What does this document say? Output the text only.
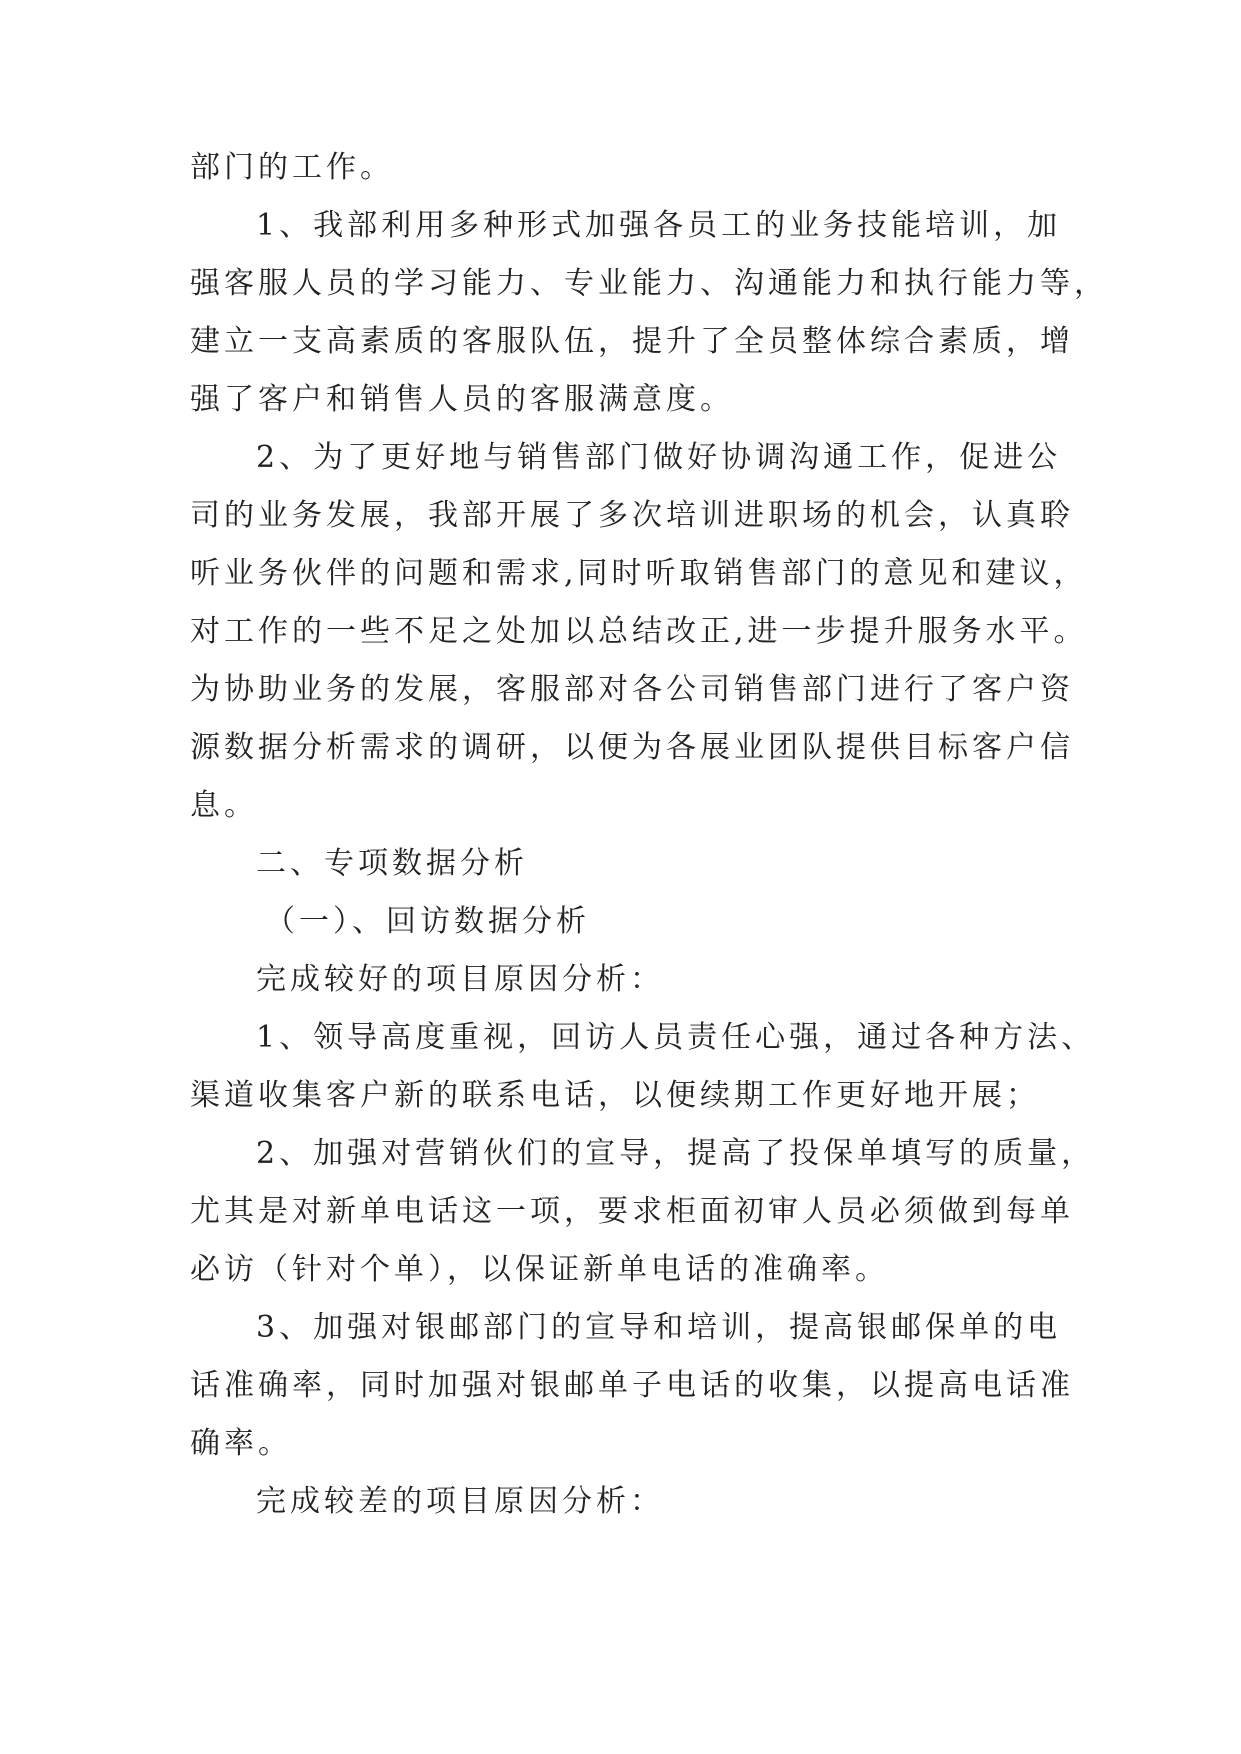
部门的工作。
1、我部利用多种形式加强各员工的业务技能培训，加
强客服人员的学习能力、专业能力、沟通能力和执行能力等，
建立一支高素质的客服队伍，提升了全员整体综合素质，增
强了客户和销售人员的客服满意度。
2、为了更好地与销售部门做好协调沟通工作，促进公
司的业务发展，我部开展了多次培训进职场的机会，认真聆
听业务伙伴的问题和需求,同时听取销售部门的意见和建议，
对工作的一些不足之处加以总结改正,进一步提升服务水平。
为协助业务的发展，客服部对各公司销售部门进行了客户资
源数据分析需求的调研，以便为各展业团队提供目标客户信
息。
二、专项数据分析
（一）、回访数据分析
完成较好的项目原因分析：
1、领导高度重视，回访人员责任心强，通过各种方法、
渠道收集客户新的联系电话，以便续期工作更好地开展；
2、加强对营销伙们的宣导，提高了投保单填写的质量，
尤其是对新单电话这一项，要求柜面初审人员必须做到每单
必访（针对个单），以保证新单电话的准确率。
3、加强对银邮部门的宣导和培训，提高银邮保单的电
话准确率，同时加强对银邮单子电话的收集，以提高电话准
确率。
完成较差的项目原因分析：
